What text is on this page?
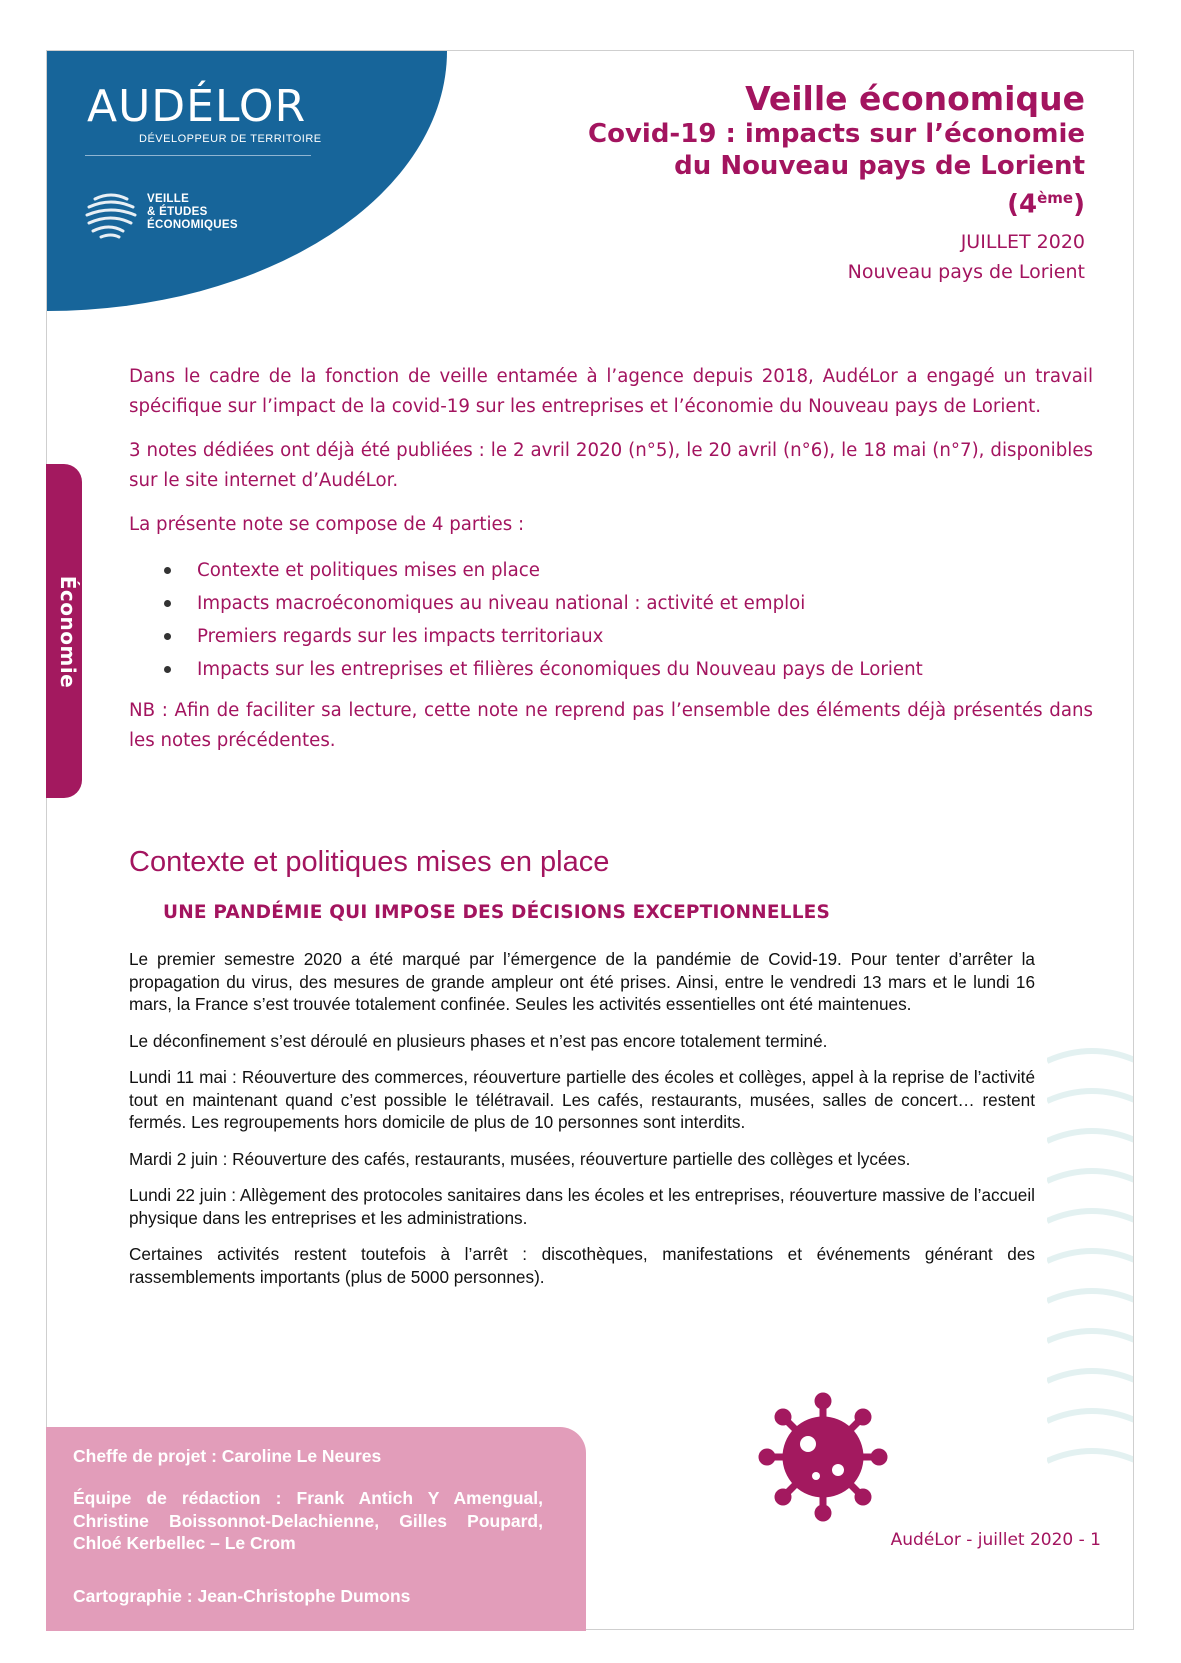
AUDÉLOR
DÉVELOPPEUR DE TERRITOIRE
VEILLE
& ÉTUDES
ÉCONOMIQUES
Veille économique
Covid-19 : impacts sur l’économie
du Nouveau pays de Lorient
(4ème)
JUILLET 2020
Nouveau pays de Lorient
Économie

Dans le cadre de la fonction de veille entamée à l’agence depuis 2018, AudéLor a engagé un travail spécifique sur l’impact de la covid-19 sur les entreprises et l’économie du Nouveau pays de Lorient.

3 notes dédiées ont déjà été publiées : le 2 avril 2020 (n°5), le 20 avril (n°6), le 18 mai (n°7), disponibles sur le site internet d’AudéLor.

La présente note se compose de 4 parties :

Contexte et politiques mises en place
Impacts macroéconomiques au niveau national : activité et emploi
Premiers regards sur les impacts territoriaux
Impacts sur les entreprises et filières économiques du Nouveau pays de Lorient

NB : Afin de faciliter sa lecture, cette note ne reprend pas l’ensemble des éléments déjà présentés dans les notes précédentes.

Contexte et politiques mises en place
UNE PANDÉMIE QUI IMPOSE DES DÉCISIONS EXCEPTIONNELLES

Le premier semestre 2020 a été marqué par l’émergence de la pandémie de Covid-19. Pour tenter d’arrêter la propagation du virus, des mesures de grande ampleur ont été prises. Ainsi, entre le vendredi 13 mars et le lundi 16 mars, la France s’est trouvée totalement confinée. Seules les activités essentielles ont été maintenues.

Le déconfinement s’est déroulé en plusieurs phases et n’est pas encore totalement terminé.

Lundi 11 mai : Réouverture des commerces, réouverture partielle des écoles et collèges, appel à la reprise de l’activité tout en maintenant quand c’est possible le télétravail. Les cafés, restaurants, musées, salles de concert… restent fermés. Les regroupements hors domicile de plus de 10 personnes sont interdits.

Mardi 2 juin : Réouverture des cafés, restaurants, musées, réouverture partielle des collèges et lycées.

Lundi 22 juin : Allègement des protocoles sanitaires dans les écoles et les entreprises, réouverture massive de l’accueil physique dans les entreprises et les administrations.

Certaines activités restent toutefois à l’arrêt : discothèques, manifestations et événements générant des rassemblements importants (plus de 5000 personnes).

Cheffe de projet : Caroline Le Neures
Équipe de rédaction : Frank Antich Y Amengual, Christine Boissonnot-Delachienne, Gilles Poupard, Chloé Kerbellec – Le Crom
Cartographie : Jean-Christophe Dumons
AudéLor - juillet 2020 - 1
